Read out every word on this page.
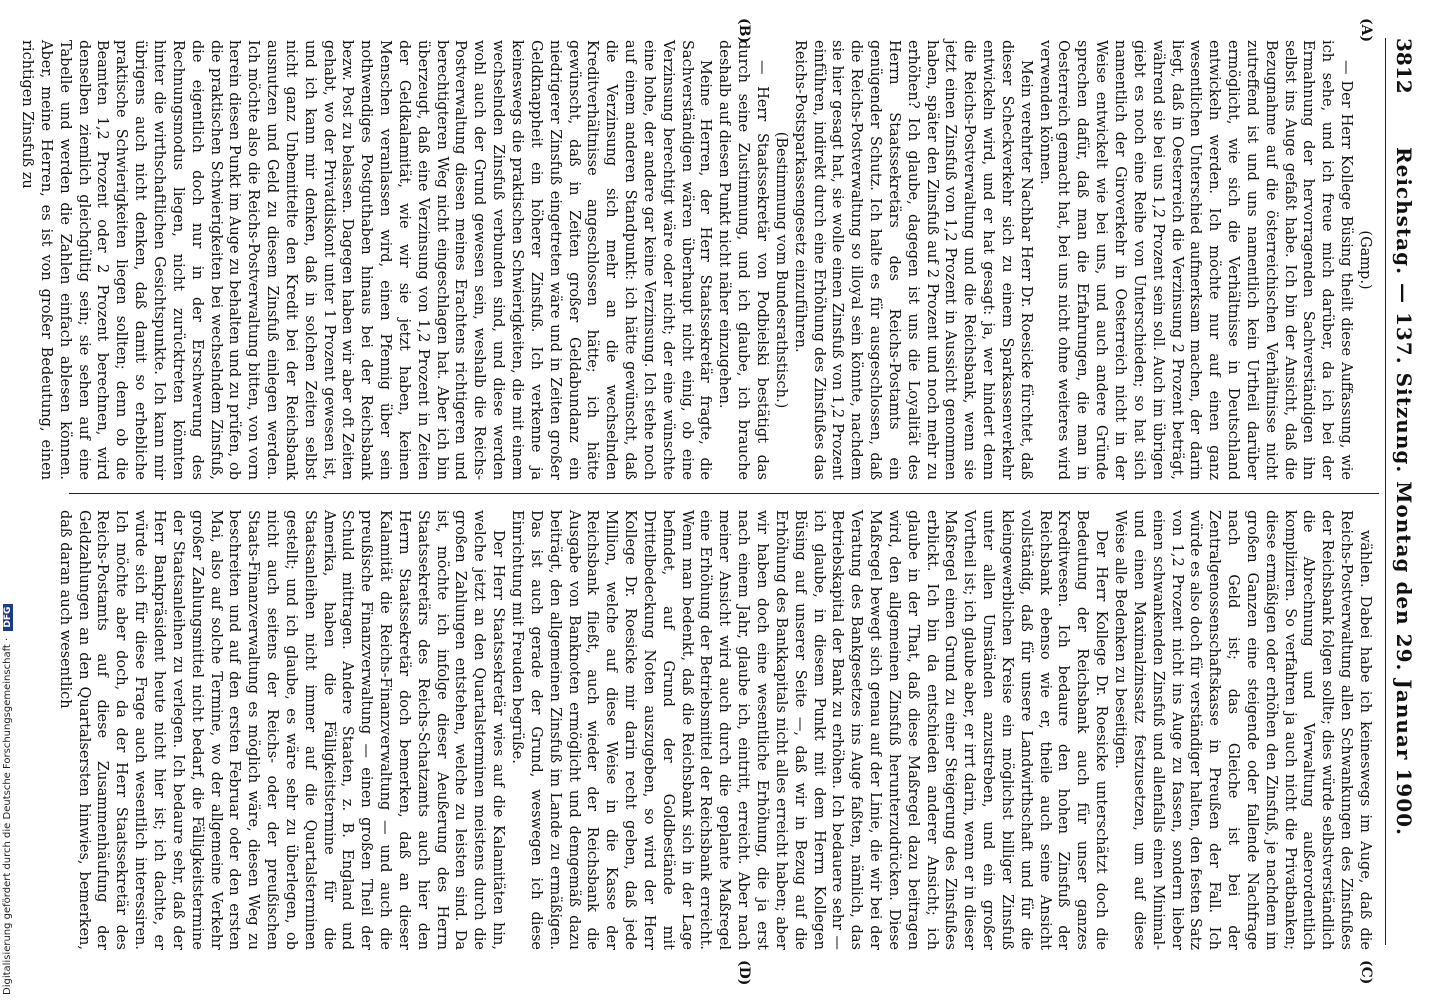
3812
Reichstag. — 137. Sitzung. Montag den 29. Januar 1900.
(A)
(B)
(C)
(D)

(Gamp.)

— Der Herr Kollege Büsing theilt diese Auffassung, wie ich sehe, und ich freue mich darüber, da ich bei der Ermahnung der hervorragenden Sachverständigen ihn selbst ins Auge gefaßt habe. Ich bin der Ansicht, daß die Bezugnahme auf die österreichischen Verhältnisse nicht zutreffend ist und uns namentlich kein Urtheil darüber ermöglicht, wie sich die Verhältnisse in Deutschland entwickeln werden. Ich möchte nur auf einen ganz wesentlichen Unterschied aufmerksam machen, der darin liegt, daß in Oesterreich die Verzinsung 2 Prozent beträgt, während sie bei uns 1,2 Prozent sein soll. Auch im übrigen giebt es noch eine Reihe von Unterschieden; so hat sich namentlich der Giroverkehr in Oesterreich nicht in der Weise entwickelt wie bei uns, und auch andere Gründe sprechen dafür, daß man die Erfahrungen, die man in Oesterreich gemacht hat, bei uns nicht ohne weiteres wird verwenden können.

Mein verehrter Nachbar Herr Dr. Roesicke fürchtet, daß dieser Scheckverkehr sich zu einem Sparkassenverkehr entwickeln wird, und er hat gesagt: ja, wer hindert denn die Reichs-Postverwaltung und die Reichsbank, wenn sie jetzt einen Zinsfuß von 1,2 Prozent in Aussicht genommen haben, später den Zinsfuß auf 2 Prozent und noch mehr zu erhöhen? Ich glaube, dagegen ist uns die Loyalität des Herrn Staatssekretärs des Reichs-Postamts ein genügender Schutz. Ich halte es für ausgeschlossen, daß die Reichs-Postverwaltung so illoyal sein könnte, nachdem sie hier gesagt hat, sie wolle einen Zinsfuß von 1,2 Prozent einführen, indirekt durch eine Erhöhung des Zinsfußes das Reichs-Postsparkassengesetz einzuführen.

(Bestimmung vom Bundesrathstisch.)

— Herr Staatssekretär von Podbielski bestätigt das durch seine Zustimmung, und ich glaube, ich brauche deshalb auf diesen Punkt nicht näher einzugehen.

Meine Herren, der Herr Staatssekretär fragte, die Sachverständigen wären überhaupt nicht einig, ob eine Verzinsung berechtigt wäre oder nicht; der eine wünschte eine hohe, der andere gar keine Verzinsung. Ich stehe noch auf einem anderen Standpunkt: ich hätte gewünscht, daß die Verzinsung sich mehr an die wechselnden Kreditverhältnisse angeschlossen hätte; ich hätte gewünscht, daß in Zeiten großer Geldabundanz ein niedrigerer Zinsfuß eingetreten wäre und in Zeiten großer Geldknappheit ein höherer Zinsfuß. Ich verkenne ja keineswegs die praktischen Schwierigkeiten, die mit einem wechselnden Zinsfuß verbunden sind, und diese werden wohl auch der Grund gewesen sein, weshalb die Reichs-Postverwaltung diesen meines Erachtens richtigeren und berechtigteren Weg nicht eingeschlagen hat. Aber ich bin überzeugt, daß eine Verzinsung von 1,2 Prozent in Zeiten der Geldkalamität, wie wir sie jetzt haben, keinen Menschen veranlassen wird, einen Pfennig über sein nothwendiges Postguthaben hinaus bei der Reichsbank bezw. Post zu belassen. Dagegen haben wir aber oft Zeiten gehabt, wo der Privatdiskont unter 1 Prozent gewesen ist, und ich kann mir denken, daß in solchen Zeiten selbst nicht ganz Unbemittelte den Kredit bei der Reichsbank ausnutzen und Geld zu diesem Zinsfuß einlegen werden. Ich möchte also die Reichs-Postverwaltung bitten, von vorn herein diesen Punkt im Auge zu behalten und zu prüfen, ob die praktischen Schwierigkeiten bei wechselndem Zinsfuß, die eigentlich doch nur in der Erschwerung des Rechnungsmodus liegen, nicht zurücktreten könnten hinter die wirthschaftlichen Gesichtspunkte. Ich kann mir übrigens auch nicht denken, daß damit so erhebliche praktische Schwierigkeiten liegen sollten; denn ob die Beamten 1,2 Prozent oder 2 Prozent berechnen, wird denselben ziemlich gleichgültig sein; sie sehen auf eine Tabelle und werden die Zahlen einfach ablesen können. Aber, meine Herren, es ist von großer Bedeutung, einen richtigen Zinsfuß zu

wählen. Dabei habe ich keineswegs im Auge, daß die Reichs-Postverwaltung allen Schwankungen des Zinsfußes der Reichsbank folgen sollte; dies würde selbstverständlich die Abrechnung und Verwaltung außerordentlich kompliziren. So verfahren ja auch nicht die Privatbanken; diese ermäßigen oder erhöhen den Zinsfuß, je nachdem im großen Ganzen eine steigende oder fallende Nachfrage nach Geld ist; das Gleiche ist bei der Zentralgenossenschaftskasse in Preußen der Fall. Ich würde es also doch für verständiger halten, den festen Satz von 1,2 Prozent nicht ins Auge zu fassen, sondern lieber einen schwankenden Zinsfuß und allenfalls einen Minimal- und einen Maximalzinssatz festzusetzen, um auf diese Weise alle Bedenken zu beseitigen.

Der Herr Kollege Dr. Roesicke unterschätzt doch die Bedeutung der Reichsbank auch für unser ganzes Kreditwesen. Ich bedaure den hohen Zinsfuß der Reichsbank ebenso wie er, theile auch seine Ansicht vollständig, daß für unsere Landwirthschaft und für die kleingewerblichen Kreise ein möglichst billiger Zinsfuß unter allen Umständen anzustreben, und ein großer Vortheil ist; ich glaube aber, er irrt darin, wenn er in dieser Maßregel einen Grund zu einer Steigerung des Zinsfußes erblickt. Ich bin da entschieden anderer Ansicht; ich glaube in der That, daß diese Maßregel dazu beitragen wird, den allgemeinen Zinsfuß herunterzudrücken. Diese Maßregel bewegt sich genau auf der Linie, die wir bei der Veratung des Bankgesetzes ins Auge faßten, nämlich, das Betriebskapital der Bank zu erhöhen. Ich bedauere sehr — ich glaube, in diesem Punkt mit dem Herrn Kollegen Büsing auf unserer Seite —, daß wir in Bezug auf die Erhöhung des Bankkapitals nicht alles erreicht haben; aber wir haben doch eine wesentliche Erhöhung, die ja erst nach einem Jahr, glaube ich, eintritt, erreicht. Aber nach meiner Ansicht wird auch durch die geplante Maßregel eine Erhöhung der Betriebsmittel der Reichsbank erreicht. Wenn man bedenkt, daß die Reichsbank sich in der Lage befindet, auf Grund der Goldbestände mit Drittelbedeckung Noten auszugeben, so wird der Herr Kollege Dr. Roesicke mir darin recht geben, daß jede Million, welche auf diese Weise in die Kasse der Reichsbank fließt, auch wieder der Reichsbank die Ausgabe von Banknoten ermöglicht und demgemäß dazu beiträgt, den allgemeinen Zinsfuß im Lande zu ermäßigen. Das ist auch gerade der Grund, weswegen ich diese Einrichtung mit Freuden begrüße.

Der Herr Staatssekretär wies auf die Kalamitäten hin, welche jetzt an den Quartalsterminen meistens durch die großen Zahlungen entstehen, welche zu leisten sind. Da ist, möchte ich infolge dieser Aeußerung des Herrn Staatssekretärs des Reichs-Schatzamts auch hier den Herrn Staatssekretär doch bemerken, daß an dieser Kalamität die Reichs-Finanzverwaltung — und auch die preußische Finanzverwaltung — einen großen Theil der Schuld mittragen. Andere Staaten, z. B. England und Amerika, haben die Fälligkeitstermine für die Staatsanleihen nicht immer auf die Quartalsterminen gestellt; und ich glaube, es wäre sehr zu überlegen, ob nicht auch seitens der Reichs- oder der preußischen Staats-Finanzverwaltung es möglich wäre, diesen Weg zu beschreiten und auf den ersten Februar oder den ersten Mai, also auf solche Termine, wo der allgemeine Verkehr großer Zahlungsmittel nicht bedarf, die Fälligkeitstermine der Staatsanleihen zu verlegen. Ich bedaure sehr, daß der Herr Bankpräsident heute nicht hier ist; ich dachte, er würde sich für diese Frage auch wesentlich interessiren. Ich möchte aber doch, da der Herr Staatssekretär des Reichs-Postamts auf diese Zusammenhäufung der Geldzahlungen an den Quartalsersten hinwies, bemerken, daß daran auch wesentlich

Digitalisierung gefördert durch die Deutsche Forschungsgemeinschaft · DFG
